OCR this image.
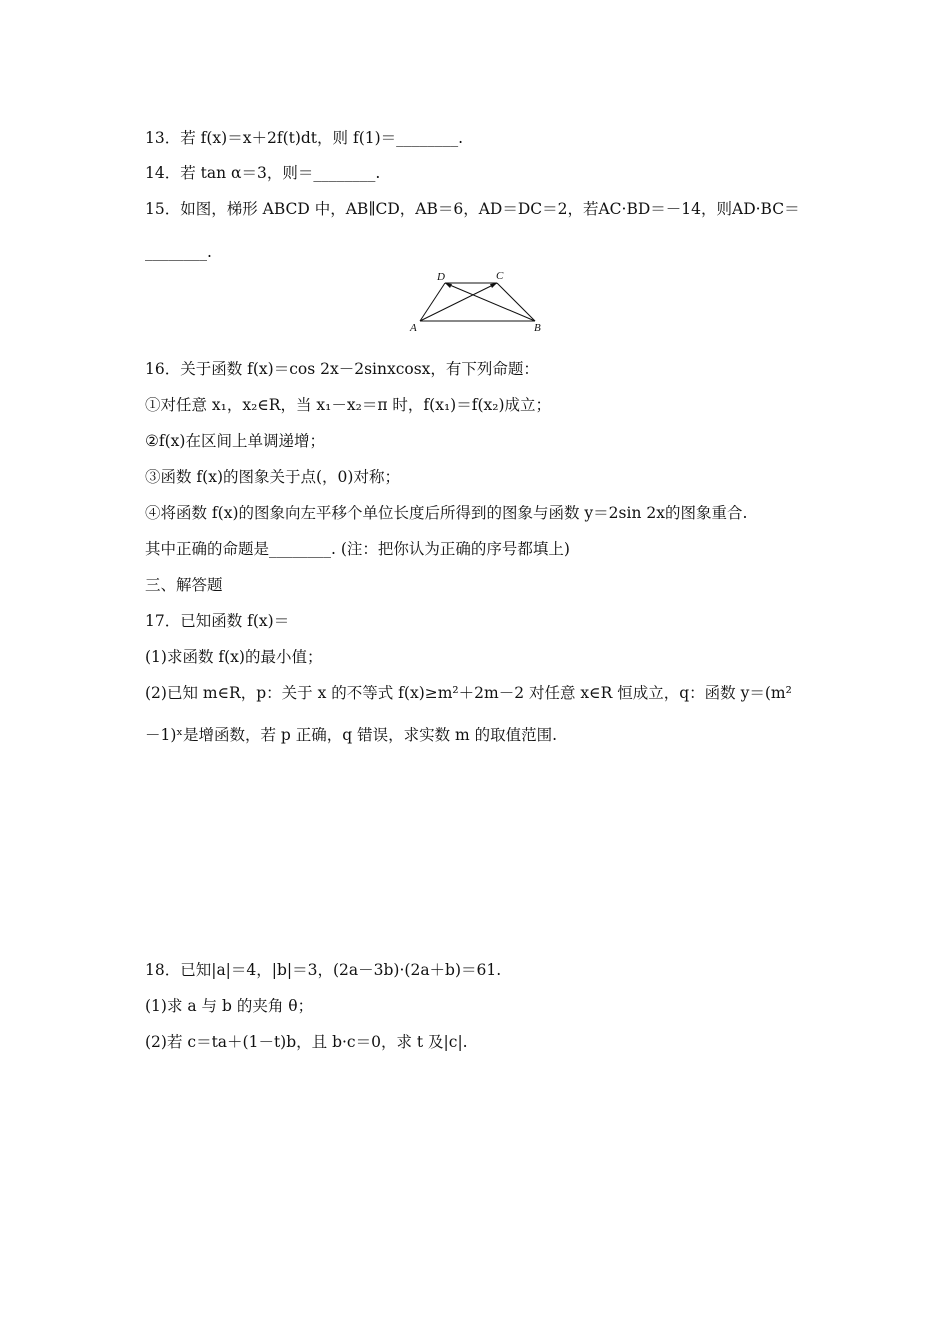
13．若 f(x)＝x＋2f(t)dt，则 f(1)＝________.
14．若 tan α＝3，则＝________.
15．如图，梯形 ABCD 中，AB∥CD，AB＝6，AD＝DC＝2，若AC·BD＝－14，则AD·BC＝
________.
A	B
C
D
16．关于函数 f(x)＝cos 2x－2sinxcosx，有下列命题：
①对任意 x₁，x₂∈R，当 x₁－x₂＝π 时，f(x₁)＝f(x₂)成立；
②f(x)在区间上单调递增；
③函数 f(x)的图象关于点(，0)对称；
④将函数 f(x)的图象向左平移个单位长度后所得到的图象与函数 y＝2sin 2x的图象重合.
其中正确的命题是________. (注：把你认为正确的序号都填上)
三、解答题
17．已知函数 f(x)＝
(1)求函数 f(x)的最小值；
(2)已知 m∈R，p：关于 x 的不等式 f(x)≥m²＋2m－2 对任意 x∈R 恒成立，q：函数 y＝(m²
－1)ˣ是增函数，若 p 正确，q 错误，求实数 m 的取值范围.
18．已知|a|＝4，|b|＝3，(2a－3b)·(2a＋b)＝61.
(1)求 a 与 b 的夹角 θ；
(2)若 c＝ta＋(1－t)b，且 b·c＝0，求 t 及|c|.
